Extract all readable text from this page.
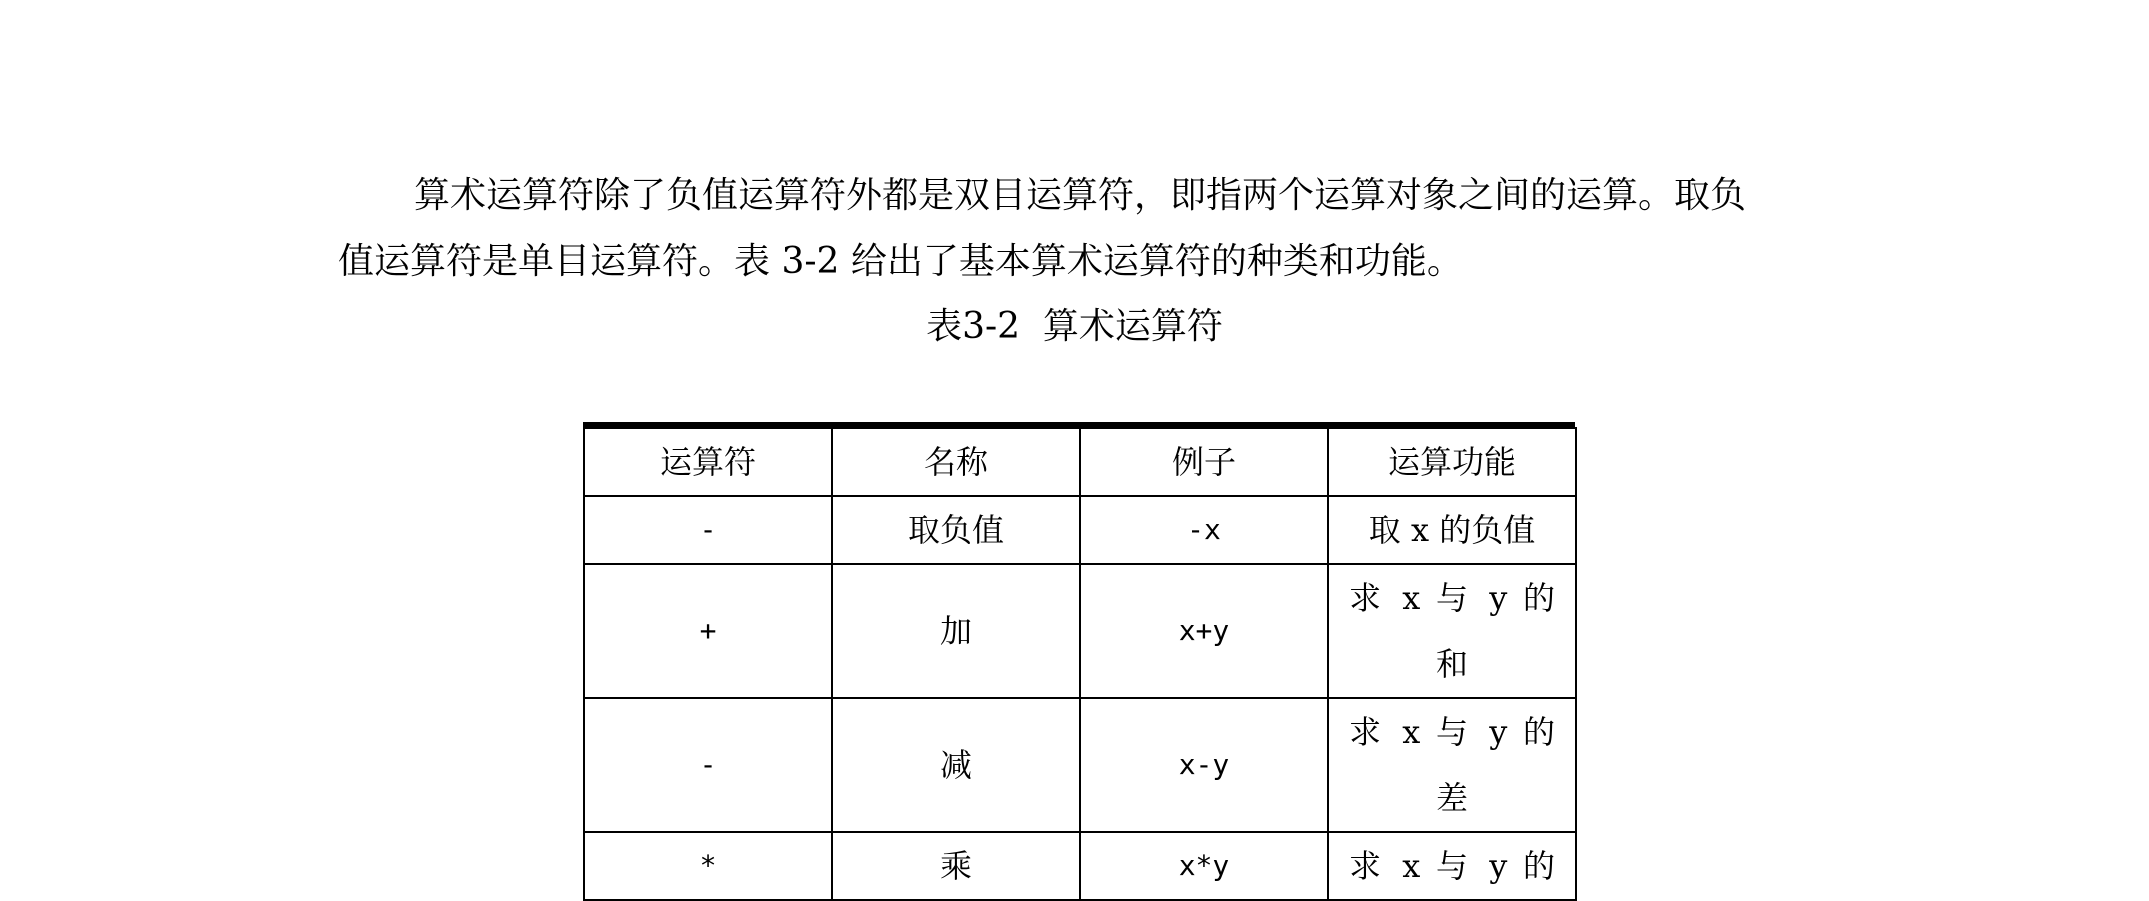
算术运算符除了负值运算符外都是双目运算符，即指两个运算对象之间的运算。取负

值运算符是单目运算符。表 3-2 给出了基本算术运算符的种类和功能。

表3-2  算术运算符

运算符	名称	例子	运算功能
-	取负值	-x	取 x 的负值
+	加	x+y	求 x 与 y 的
和

-	减	x-y	求 x 与 y 的
差

*	乘	x*y	求 x 与 y 的
